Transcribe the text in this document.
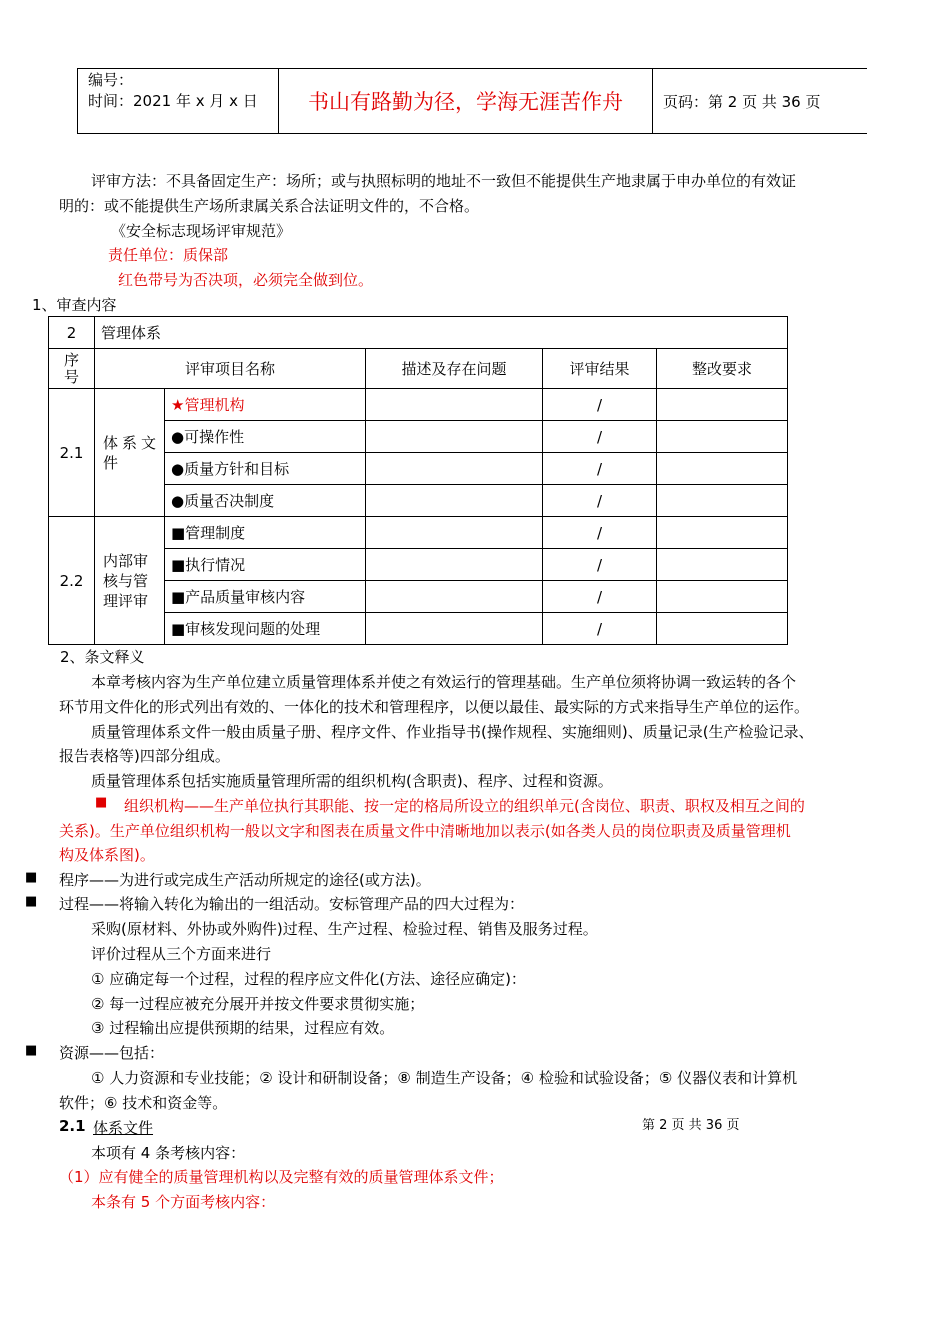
编号：
时间：2021 年 x 月 x 日	书山有路勤为径，学海无涯苦作舟	页码：第 2 页 共 36 页
评审方法：不具备固定生产：场所；或与执照标明的地址不一致但不能提供生产地隶属于申办单位的有效证
明的：或不能提供生产场所隶属关系合法证明文件的，不合格。
《安全标志现场评审规范》
责任单位：质保部
红色带号为否决项，必须完全做到位。
1、审查内容
2	管理体系				

序号	评审项目名称		描述及存在问题	评审结果	整改要求
2.1	体系文件	★管理机构		/	
		●可操作性		/	
		●质量方针和目标		/	
		●质量否决制度		/	
2.2	内部审核与管理评审	■管理制度		/	
		■执行情况		/	
		■产品质量审核内容		/	
		■审核发现问题的处理		/	
2、条文释义
本章考核内容为生产单位建立质量管理体系并使之有效运行的管理基础。生产单位须将协调一致运转的各个
环节用文件化的形式列出有效的、一体化的技术和管理程序，以便以最佳、最实际的方式来指导生产单位的运作。
质量管理体系文件一般由质量子册、程序文件、作业指导书(操作规程、实施细则)、质量记录(生产检验记录、
报告表格等)四部分组成。
质量管理体系包括实施质量管理所需的组织机构(含职责)、程序、过程和资源。
■ 组织机构——生产单位执行其职能、按一定的格局所设立的组织单元(含岗位、职责、职权及相互之间的
关系)。生产单位组织机构一般以文字和图表在质量文件中清晰地加以表示(如各类人员的岗位职责及质量管理机
构及体系图)。
■ 程序——为进行或完成生产活动所规定的途径(或方法)。
■ 过程——将输入转化为输出的一组活动。安标管理产品的四大过程为：
采购(原材料、外协或外购件)过程、生产过程、检验过程、销售及服务过程。
评价过程从三个方面来进行
① 应确定每一个过程，过程的程序应文件化(方法、途径应确定)：
② 每一过程应被充分展开并按文件要求贯彻实施；
③ 过程输出应提供预期的结果，过程应有效。
■ 资源——包括：
① 人力资源和专业技能；② 设计和研制设备；⑧ 制造生产设备；④ 检验和试验设备；⑤ 仪器仪表和计算机
软件；⑥ 技术和资金等。
2.1 体系文件	第 2 页 共 36 页
本项有 4 条考核内容：
（1）应有健全的质量管理机构以及完整有效的质量管理体系文件；
本条有 5 个方面考核内容：
